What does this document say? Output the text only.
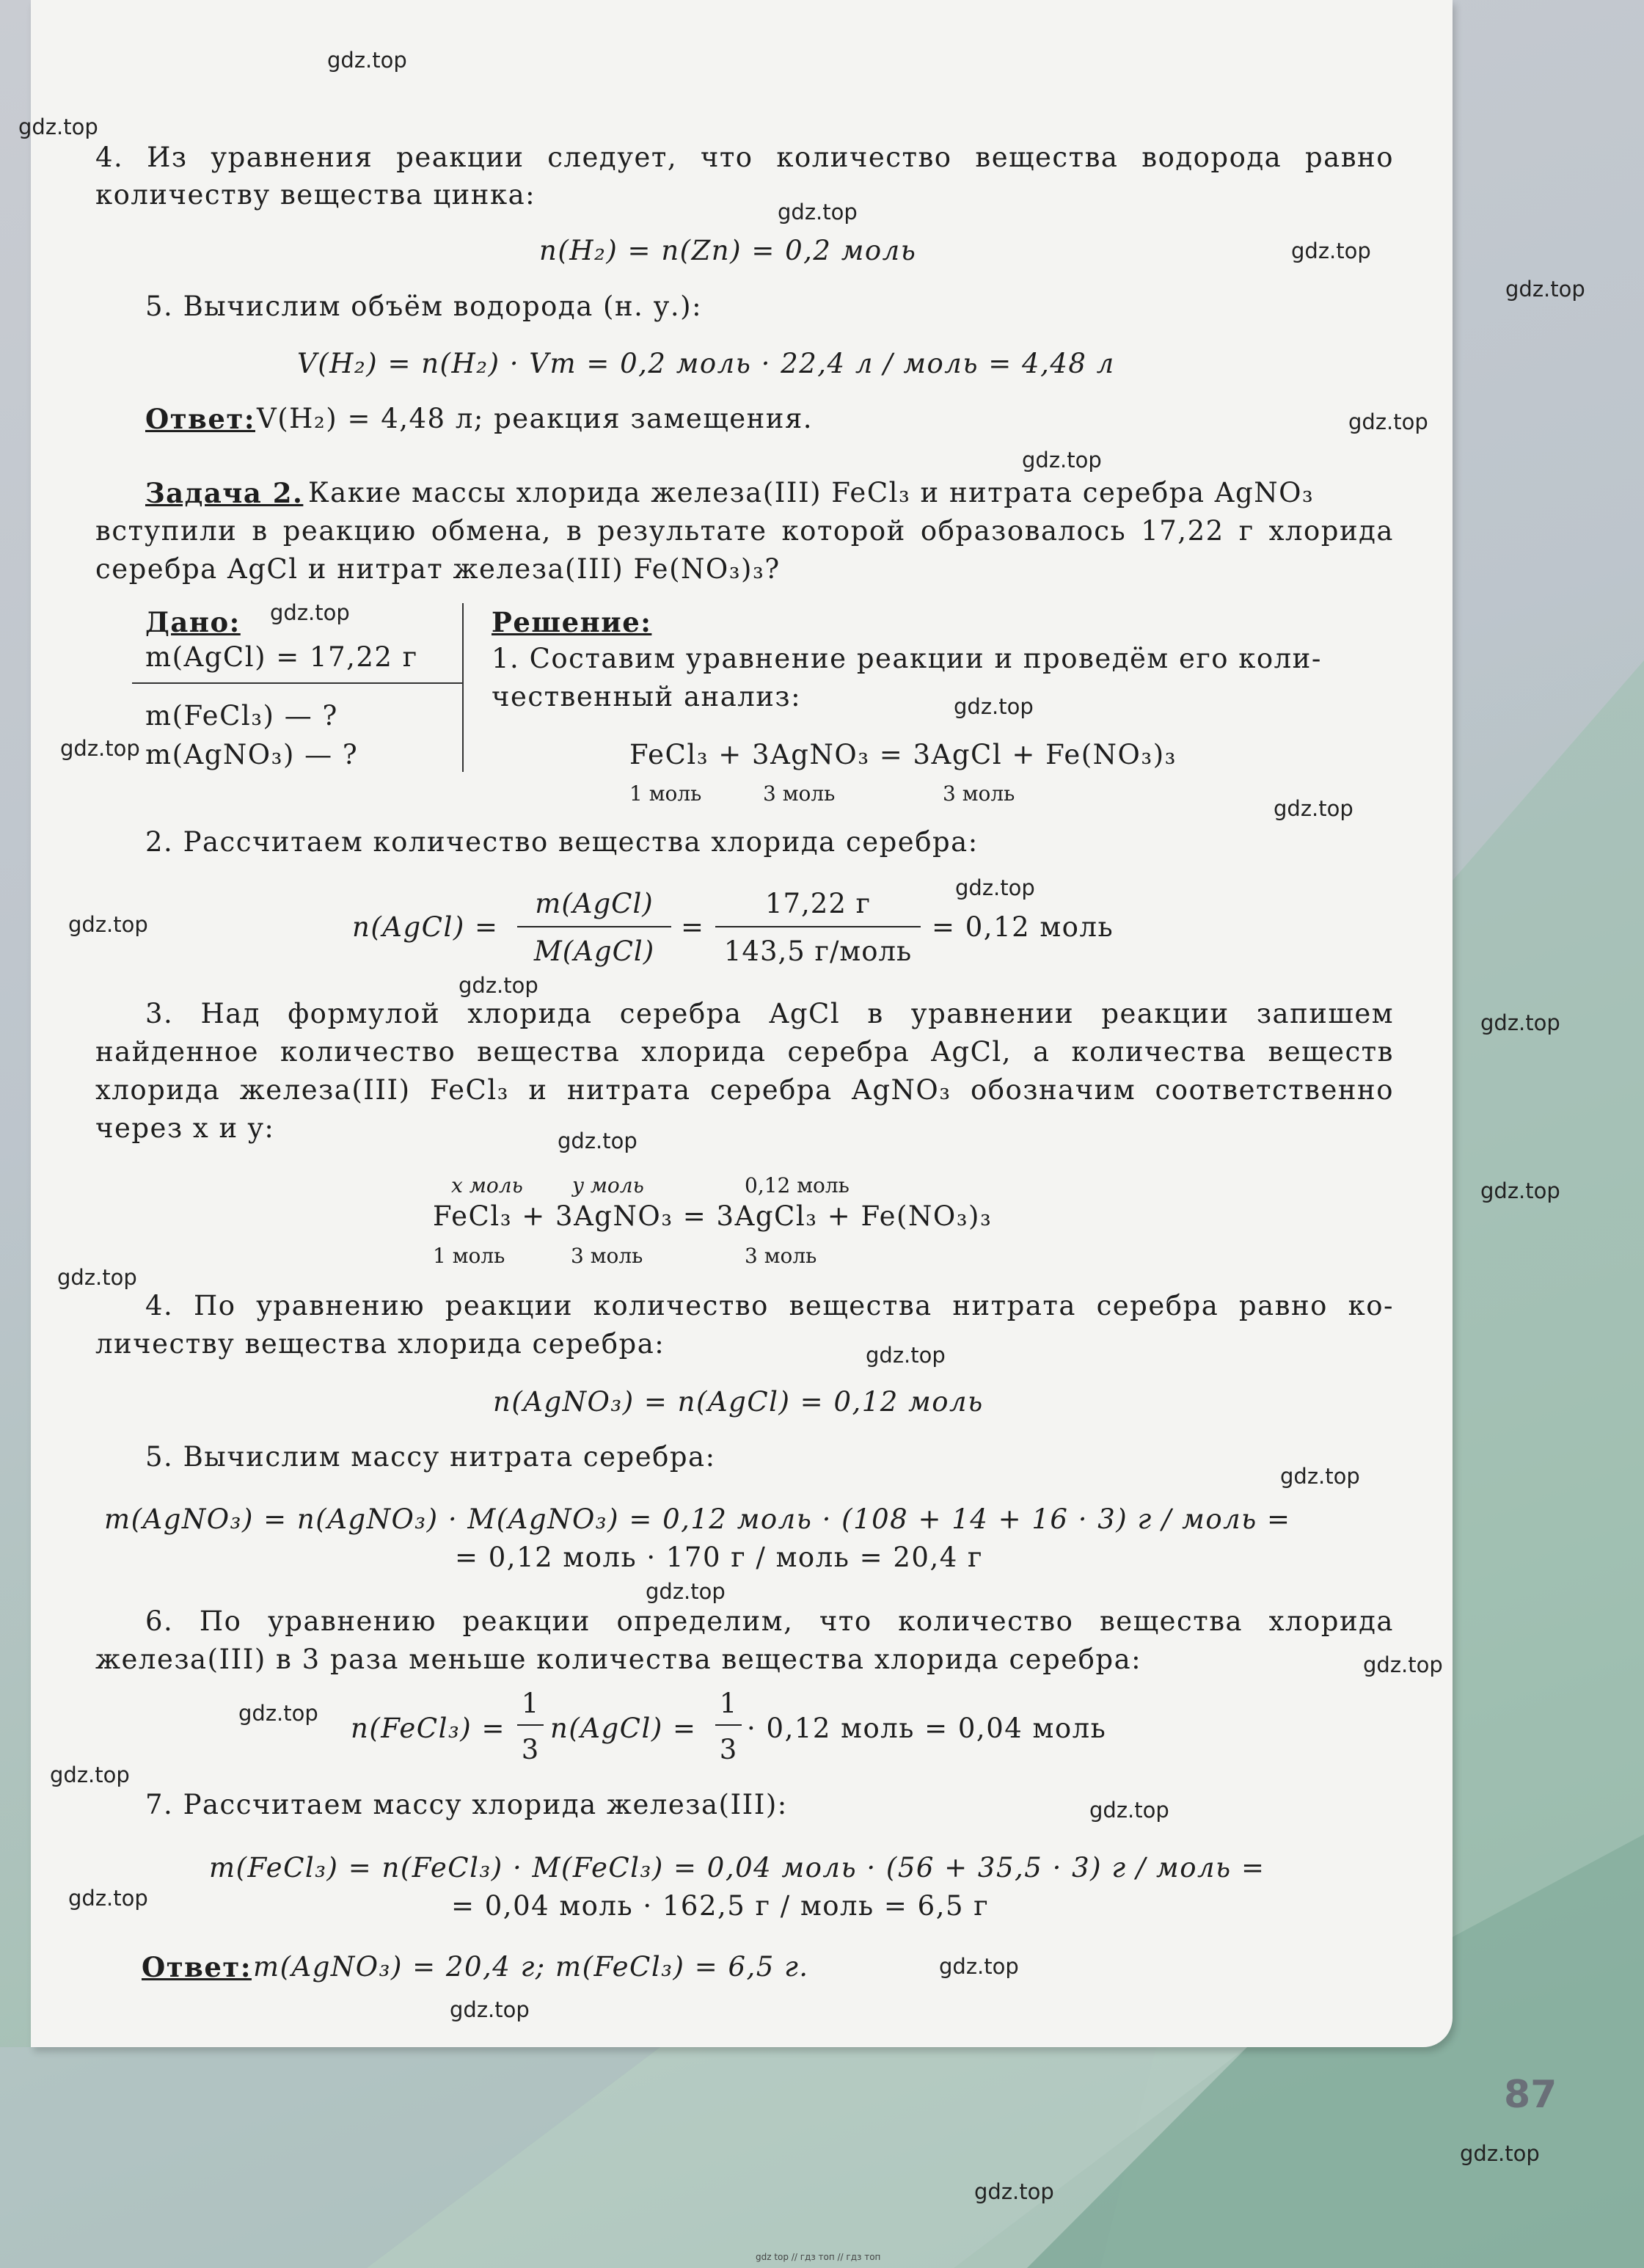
4. Из уравнения реакции следует, что количество вещества водорода равно
количеству вещества цинка:
n(H₂) = n(Zn) = 0,2 моль
5. Вычислим объём водорода (н. у.):
V(H₂) = n(H₂) · Vm = 0,2 моль · 22,4 л / моль = 4,48 л
Ответ: V(H₂) = 4,48 л; реакция замещения.
Задача 2. Какие массы хлорида железа(III) FeCl₃ и нитрата серебра AgNO₃
вступили в реакцию обмена, в результате которой образовалось 17,22 г хлорида
серебра AgCl и нитрат железа(III) Fe(NO₃)₃?
Дано:
m(AgCl) = 17,22 г
m(FeCl₃) — ?
m(AgNO₃) — ?
Решение:
1. Составим уравнение реакции и проведём его коли-
чественный анализ:
FeCl₃ + 3AgNO₃ = 3AgCl + Fe(NO₃)₃
1 моль	3 моль	3 моль
2. Рассчитаем количество вещества хлорида серебра:
n(AgCl) =
m(AgCl)
M(AgCl)
=
17,22 г
143,5 г/моль
= 0,12 моль
3. Над формулой хлорида серебра AgCl в уравнении реакции запишем
найденное количество вещества хлорида серебра AgCl, а количества веществ
хлорида железа(III) FeCl₃ и нитрата серебра AgNO₃ обозначим соответственно
через x и y:
x моль y моль	0,12 моль
FeCl₃ + 3AgNO₃ = 3AgCl₃ + Fe(NO₃)₃
1 моль	3 моль	3 моль
4. По уравнению реакции количество вещества нитрата серебра равно ко-
личеству вещества хлорида серебра:
n(AgNO₃) = n(AgCl) = 0,12 моль
5. Вычислим массу нитрата серебра:
m(AgNO₃) = n(AgNO₃) · M(AgNO₃) = 0,12 моль · (108 + 14 + 16 · 3) г / моль =
= 0,12 моль · 170 г / моль = 20,4 г
6. По уравнению реакции определим, что количество вещества хлорида
железа(III) в 3 раза меньше количества вещества хлорида серебра:
n(FeCl₃) =
1
3
n(AgCl) =
1
3
· 0,12 моль = 0,04 моль
7. Рассчитаем массу хлорида железа(III):
m(FeCl₃) = n(FeCl₃) · M(FeCl₃) = 0,04 моль · (56 + 35,5 · 3) г / моль =
= 0,04 моль · 162,5 г / моль = 6,5 г
Ответ: m(AgNO₃) = 20,4 г; m(FeCl₃) = 6,5 г.
87
gdz.top
gdz.top
gdz.top
gdz.top
gdz.top
gdz.top
gdz.top
gdz.top
gdz.top
gdz.top
gdz.top
gdz.top
gdz.top
gdz.top
gdz.top
gdz.top
gdz.top
gdz.top
gdz.top
gdz.top
gdz.top
gdz.top
gdz.top
gdz.top
gdz.top
gdz.top
gdz.top
gdz.top
gdz.top
gdz.top
gdz top // гдз топ // гдз топ
